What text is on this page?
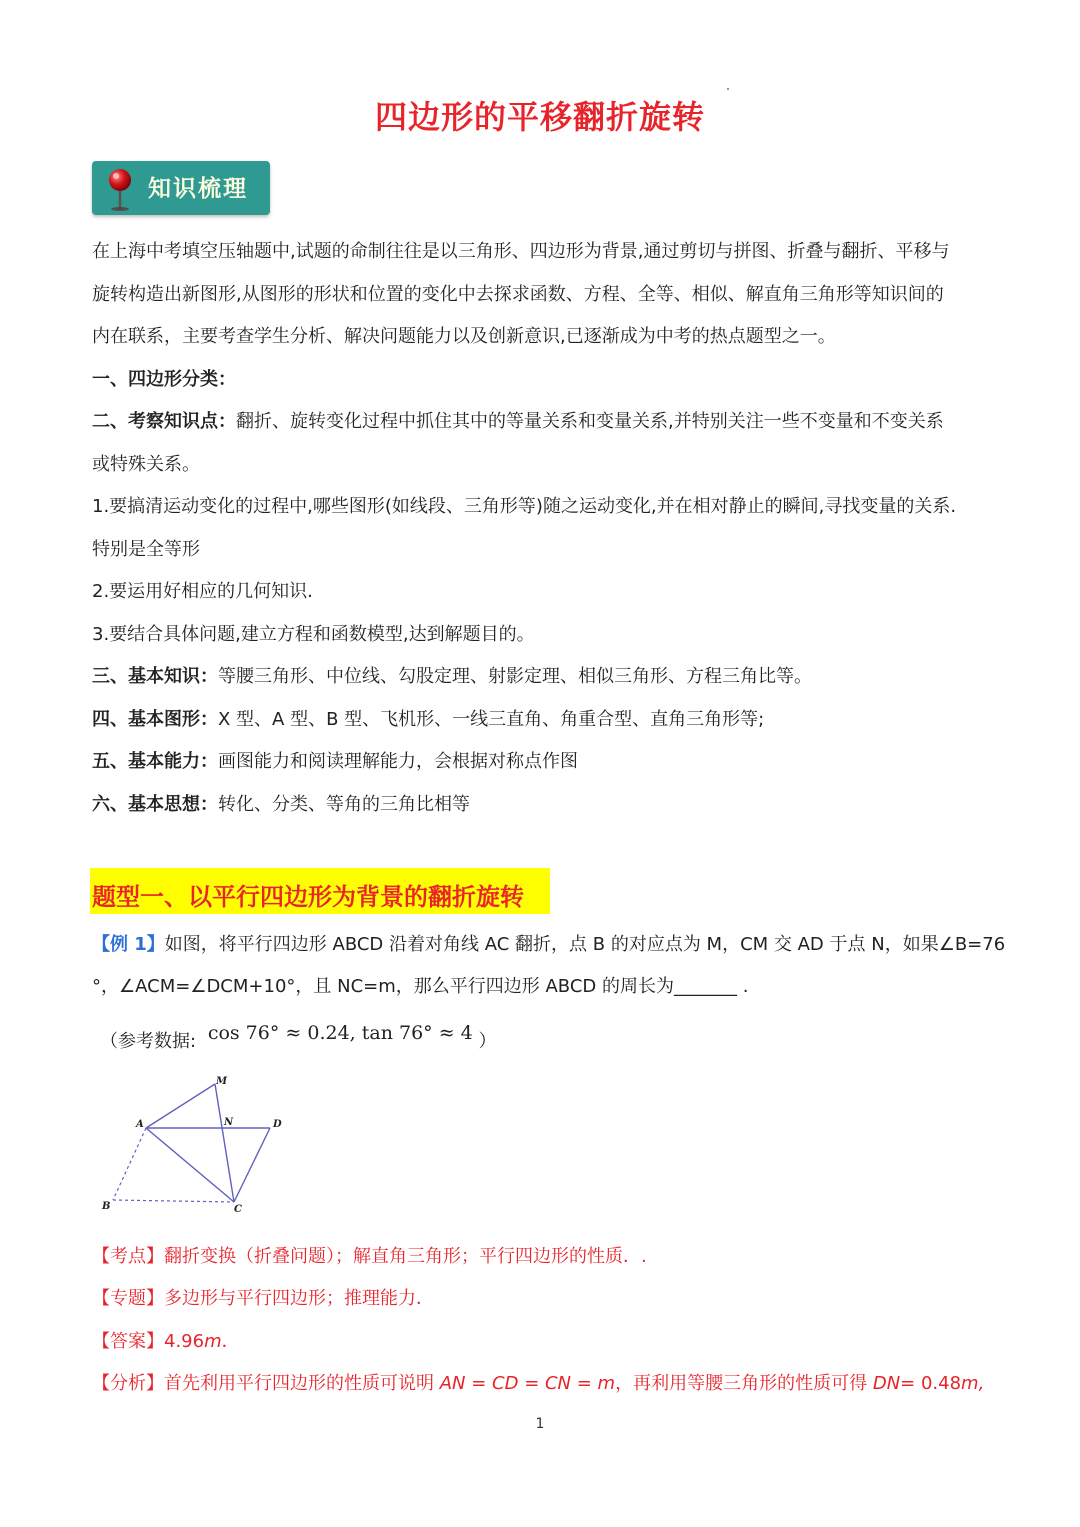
四边形的平移翻折旋转
知识梳理
在上海中考填空压轴题中,试题的命制往往是以三角形、四边形为背景,通过剪切与拼图、折叠与翻折、平移与
旋转构造出新图形,从图形的形状和位置的变化中去探求函数、方程、全等、相似、解直角三角形等知识间的
内在联系，主要考查学生分析、解决问题能力以及创新意识,已逐渐成为中考的热点题型之一。
一、四边形分类：
二、考察知识点：翻折、旋转变化过程中抓住其中的等量关系和变量关系,并特别关注一些不变量和不变关系
或特殊关系。
1.要搞清运动变化的过程中,哪些图形(如线段、三角形等)随之运动变化,并在相对静止的瞬间,寻找变量的关系.
特别是全等形
2.要运用好相应的几何知识.
3.要结合具体问题,建立方程和函数模型,达到解题目的。
三、基本知识：等腰三角形、中位线、勾股定理、射影定理、相似三角形、方程三角比等。
四、基本图形：X 型、A 型、B 型、飞机形、一线三直角、角重合型、直角三角形等;
五、基本能力：画图能力和阅读理解能力，会根据对称点作图
六、基本思想：转化、分类、等角的三角比相等
题型一、以平行四边形为背景的翻折旋转
【例 1】如图，将平行四边形 ABCD 沿着对角线 AC 翻折，点 B 的对应点为 M，CM 交 AD 于点 N，如果∠B=76
°，∠ACM=∠DCM+10°，且 NC=m，那么平行四边形 ABCD 的周长为_______ .
（参考数据: cos 76° ≈ 0.24, tan 76° ≈ 4 ）
M
A	N	D
B	C
【考点】翻折变换（折叠问题）；解直角三角形；平行四边形的性质．.
【专题】多边形与平行四边形；推理能力．
【答案】4.96m．
【分析】首先利用平行四边形的性质可说明 AN = CD = CN = m，再利用等腰三角形的性质可得 DN= 0.48m,
1
